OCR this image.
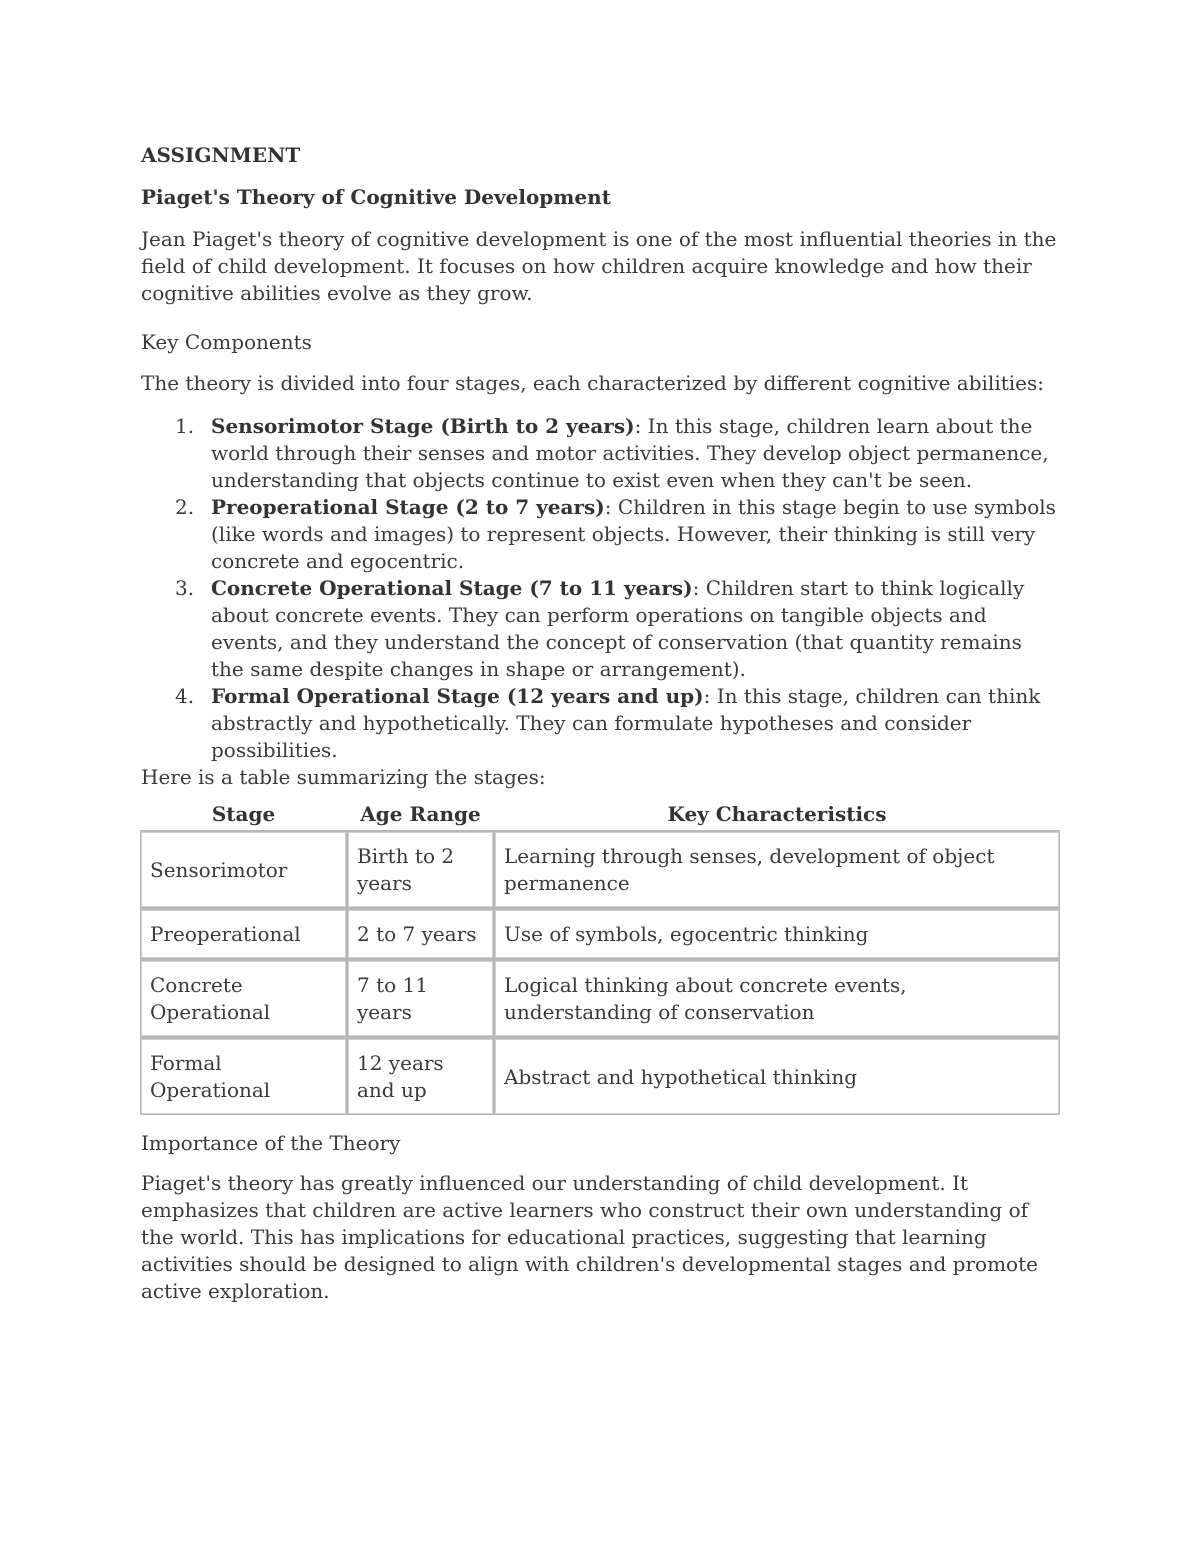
ASSIGNMENT
Piaget's Theory of Cognitive Development

Jean Piaget's theory of cognitive development is one of the most influential theories in the field of child development. It focuses on how children acquire knowledge and how their cognitive abilities evolve as they grow.

Key Components

The theory is divided into four stages, each characterized by different cognitive abilities:

1. Sensorimotor Stage (Birth to 2 years): In this stage, children learn about the world through their senses and motor activities. They develop object permanence, understanding that objects continue to exist even when they can't be seen.
2. Preoperational Stage (2 to 7 years): Children in this stage begin to use symbols (like words and images) to represent objects. However, their thinking is still very concrete and egocentric.
3. Concrete Operational Stage (7 to 11 years): Children start to think logically about concrete events. They can perform operations on tangible objects and events, and they understand the concept of conservation (that quantity remains the same despite changes in shape or arrangement).
4. Formal Operational Stage (12 years and up): In this stage, children can think abstractly and hypothetically. They can formulate hypotheses and consider possibilities.

Here is a table summarizing the stages:

Stage	Age Range	Key Characteristics
Sensorimotor	Birth to 2 years	Learning through senses, development of object permanence
Preoperational	2 to 7 years	Use of symbols, egocentric thinking
Concrete Operational	7 to 11 years	Logical thinking about concrete events, understanding of conservation
Formal Operational	12 years and up	Abstract and hypothetical thinking

Importance of the Theory

Piaget's theory has greatly influenced our understanding of child development. It emphasizes that children are active learners who construct their own understanding of the world. This has implications for educational practices, suggesting that learning activities should be designed to align with children's developmental stages and promote active exploration.
